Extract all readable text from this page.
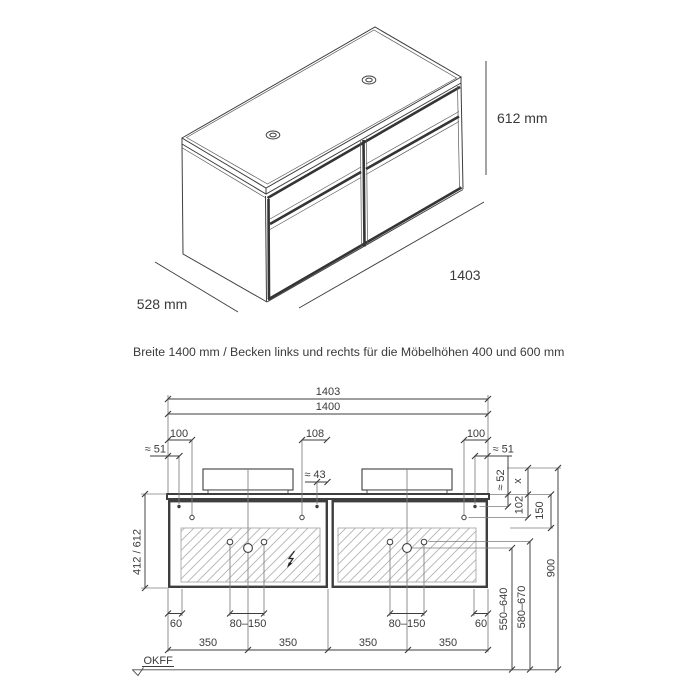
612 mm
1403
528 mm
Breite 1400 mm / Becken links und rechts für die Möbelhöhen 400 und 600 mm
OKFF
1403
1400
100	108	100
≈ 51	≈ 51
≈ 43
60	80–150	80–150	60
350	350	350	350
412 / 612
≈ 52 x
102 150
550–640 580–670
900
